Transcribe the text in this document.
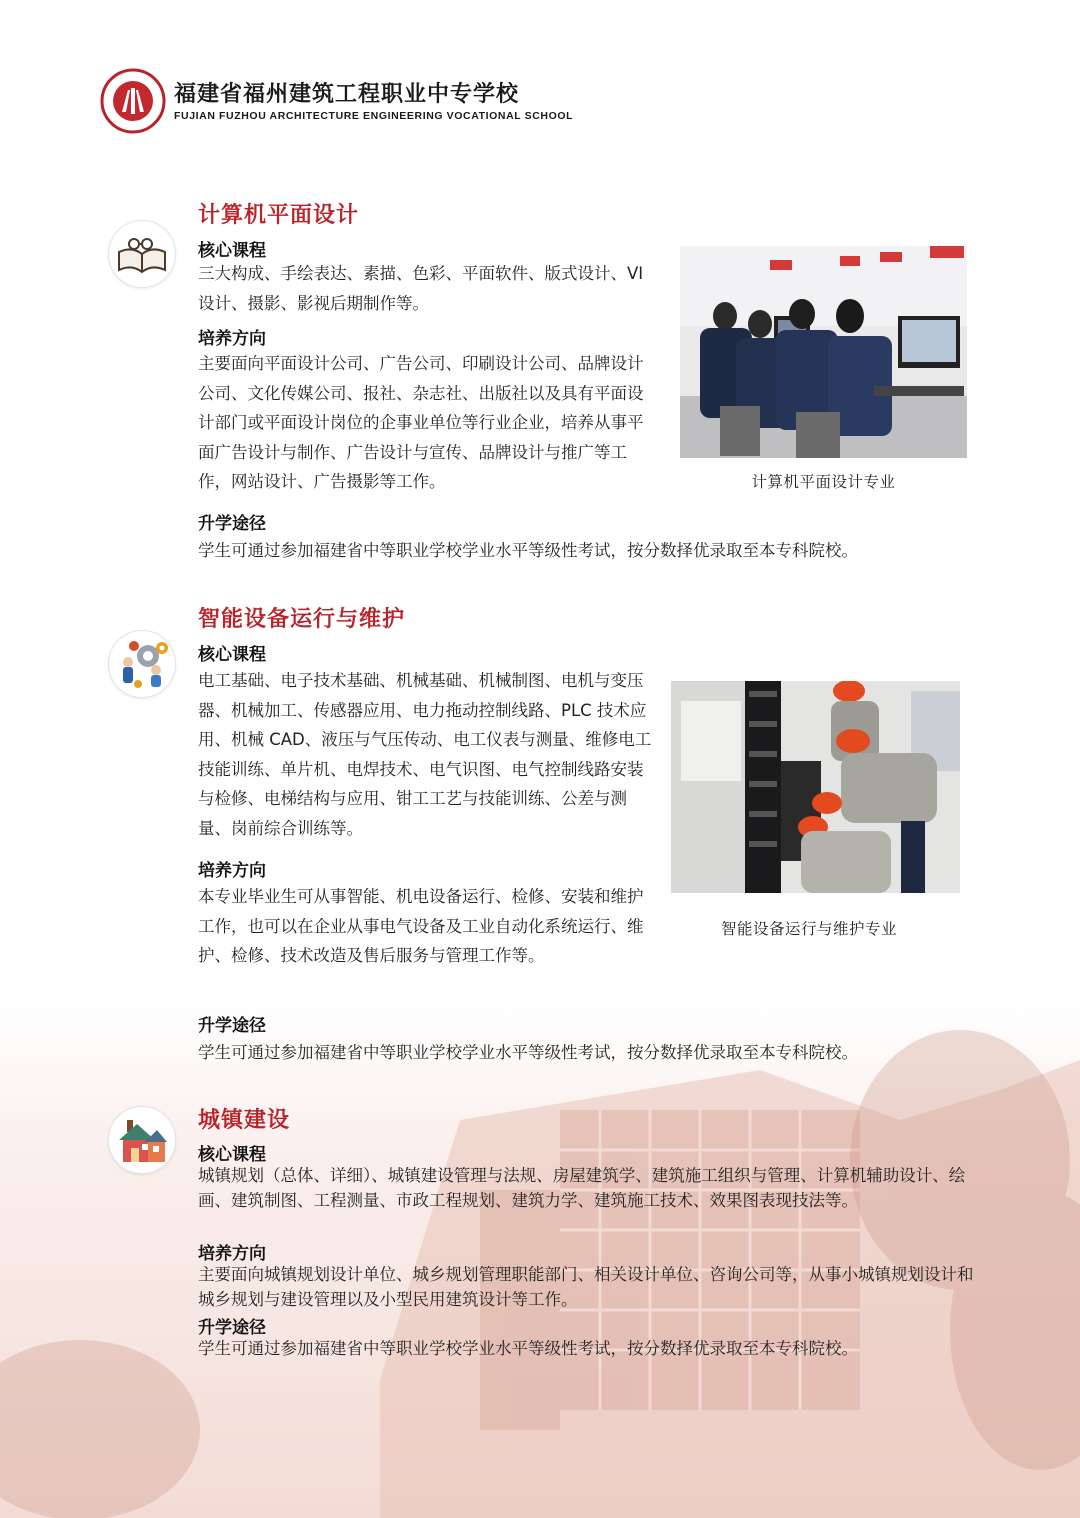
福建省福州建筑工程职业中专学校
FUJIAN FUZHOU ARCHITECTURE ENGINEERING VOCATIONAL SCHOOL
计算机平面设计
核心课程
三大构成、手绘表达、素描、色彩、平面软件、版式设计、VI 设计、摄影、影视后期制作等。
培养方向
主要面向平面设计公司、广告公司、印刷设计公司、品牌设计公司、文化传媒公司、报社、杂志社、出版社以及具有平面设计部门或平面设计岗位的企事业单位等行业企业，培养从事平面广告设计与制作、广告设计与宣传、品牌设计与推广等工作，网站设计、广告摄影等工作。
升学途径
学生可通过参加福建省中等职业学校学业水平等级性考试，按分数择优录取至本专科院校。
计算机平面设计专业
智能设备运行与维护
核心课程
电工基础、电子技术基础、机械基础、机械制图、电机与变压器、机械加工、传感器应用、电力拖动控制线路、PLC 技术应用、机械 CAD、液压与气压传动、电工仪表与测量、维修电工技能训练、单片机、电焊技术、电气识图、电气控制线路安装与检修、电梯结构与应用、钳工工艺与技能训练、公差与测量、岗前综合训练等。
培养方向
本专业毕业生可从事智能、机电设备运行、检修、安装和维护工作，也可以在企业从事电气设备及工业自动化系统运行、维护、检修、技术改造及售后服务与管理工作等。
升学途径
学生可通过参加福建省中等职业学校学业水平等级性考试，按分数择优录取至本专科院校。
智能设备运行与维护专业
城镇建设
核心课程
城镇规划（总体、详细）、城镇建设管理与法规、房屋建筑学、建筑施工组织与管理、计算机辅助设计、绘画、建筑制图、工程测量、市政工程规划、建筑力学、建筑施工技术、效果图表现技法等。
培养方向
主要面向城镇规划设计单位、城乡规划管理职能部门、相关设计单位、咨询公司等，从事小城镇规划设计和城乡规划与建设管理以及小型民用建筑设计等工作。
升学途径
学生可通过参加福建省中等职业学校学业水平等级性考试，按分数择优录取至本专科院校。
